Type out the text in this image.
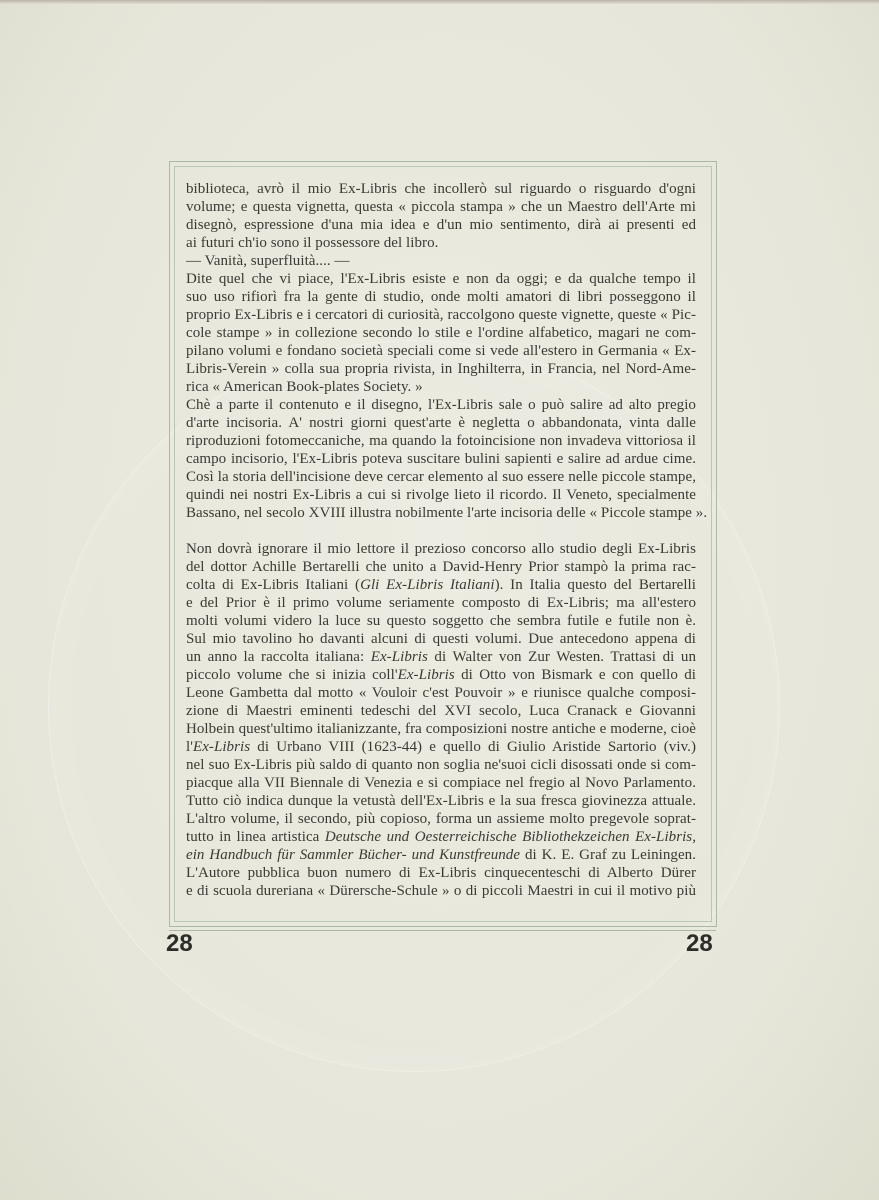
biblioteca, avrò il mio Ex-Libris che incollerò sul riguardo o risguardo d'ogni

volume; e questa vignetta, questa « piccola stampa » che un Maestro dell'Arte mi

disegnò, espressione d'una mia idea e d'un mio sentimento, dirà ai presenti ed

ai futuri ch'io sono il possessore del libro.

— Vanità, superfluità.... —

Dite quel che vi piace, l'Ex-Libris esiste e non da oggi; e da qualche tempo il

suo uso rifiorì fra la gente di studio, onde molti amatori di libri posseggono il

proprio Ex-Libris e i cercatori di curiosità, raccolgono queste vignette, queste « Pic-

cole stampe » in collezione secondo lo stile e l'ordine alfabetico, magari ne com-

pilano volumi e fondano società speciali come si vede all'estero in Germania « Ex-

Libris-Verein » colla sua propria rivista, in Inghilterra, in Francia, nel Nord-Ame-

rica « American Book-plates Society. »

Chè a parte il contenuto e il disegno, l'Ex-Libris sale o può salire ad alto pregio

d'arte incisoria. A' nostri giorni quest'arte è negletta o abbandonata, vinta dalle

riproduzioni fotomeccaniche, ma quando la fotoincisione non invadeva vittoriosa il

campo incisorio, l'Ex-Libris poteva suscitare bulini sapienti e salire ad ardue cime.

Così la storia dell'incisione deve cercar elemento al suo essere nelle piccole stampe,

quindi nei nostri Ex-Libris a cui si rivolge lieto il ricordo. Il Veneto, specialmente

Bassano, nel secolo XVIII illustra nobilmente l'arte incisoria delle « Piccole stampe ».

Non dovrà ignorare il mio lettore il prezioso concorso allo studio degli Ex-Libris

del dottor Achille Bertarelli che unito a David-Henry Prior stampò la prima rac-

colta di Ex-Libris Italiani (Gli Ex-Libris Italiani). In Italia questo del Bertarelli

e del Prior è il primo volume seriamente composto di Ex-Libris; ma all'estero

molti volumi videro la luce su questo soggetto che sembra futile e futile non è.

Sul mio tavolino ho davanti alcuni di questi volumi. Due antecedono appena di

un anno la raccolta italiana: Ex-Libris di Walter von Zur Westen. Trattasi di un

piccolo volume che si inizia coll'Ex-Libris di Otto von Bismark e con quello di

Leone Gambetta dal motto « Vouloir c'est Pouvoir » e riunisce qualche composi-

zione di Maestri eminenti tedeschi del XVI secolo, Luca Cranack e Giovanni

Holbein quest'ultimo italianizzante, fra composizioni nostre antiche e moderne, cioè

l'Ex-Libris di Urbano VIII (1623-44) e quello di Giulio Aristide Sartorio (viv.)

nel suo Ex-Libris più saldo di quanto non soglia ne'suoi cicli disossati onde si com-

piacque alla VII Biennale di Venezia e si compiace nel fregio al Novo Parlamento.

Tutto ciò indica dunque la vetustà dell'Ex-Libris e la sua fresca giovinezza attuale.

L'altro volume, il secondo, più copioso, forma un assieme molto pregevole soprat-

tutto in linea artistica Deutsche und Oesterreichische Bibliothekzeichen Ex-Libris,

ein Handbuch für Sammler Bücher- und Kunstfreunde di K. E. Graf zu Leiningen.

L'Autore pubblica buon numero di Ex-Libris cinquecenteschi di Alberto Dürer

e di scuola dureriana « Dürersche-Schule » o di piccoli Maestri in cui il motivo più

28	28
